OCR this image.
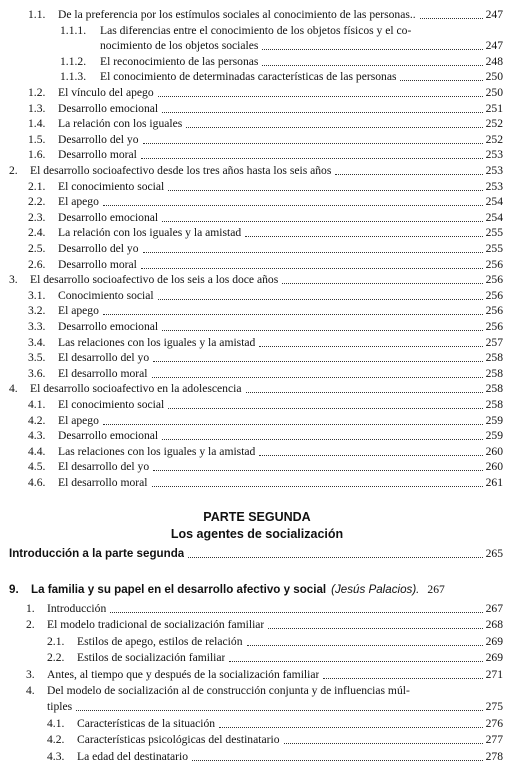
1.1.	De la preferencia por los estímulos sociales al conocimiento de las personas..	247
1.1.1.	Las diferencias entre el conocimiento de los objetos físicos y el co-
nocimiento de los objetos sociales	247
1.1.2.	El reconocimiento de las personas	248
1.1.3.	El conocimiento de determinadas características de las personas	250
1.2.	El vínculo del apego	250
1.3.	Desarrollo emocional	251
1.4.	La relación con los iguales	252
1.5.	Desarrollo del yo	252
1.6.	Desarrollo moral	253
2.	El desarrollo socioafectivo desde los tres años hasta los seis años	253
2.1.	El conocimiento social	253
2.2.	El apego	254
2.3.	Desarrollo emocional	254
2.4.	La relación con los iguales y la amistad	255
2.5.	Desarrollo del yo	255
2.6.	Desarrollo moral	256
3.	El desarrollo socioafectivo de los seis a los doce años	256
3.1.	Conocimiento social	256
3.2.	El apego	256
3.3.	Desarrollo emocional	256
3.4.	Las relaciones con los iguales y la amistad	257
3.5.	El desarrollo del yo	258
3.6.	El desarrollo moral	258
4.	El desarrollo socioafectivo en la adolescencia	258
4.1.	El conocimiento social	258
4.2.	El apego	259
4.3.	Desarrollo emocional	259
4.4.	Las relaciones con los iguales y la amistad	260
4.5.	El desarrollo del yo	260
4.6.	El desarrollo moral	261
PARTE SEGUNDA
Los agentes de socialización
Introducción a la parte segunda	265
9.	La familia y su papel en el desarrollo afectivo y social (Jesús Palacios). 267
1.	Introducción	267
2.	El modelo tradicional de socialización familiar	268
2.1.	Estilos de apego, estilos de relación	269
2.2.	Estilos de socialización familiar	269
3.	Antes, al tiempo que y después de la socialización familiar	271
4.	Del modelo de socialización al de construcción conjunta y de influencias múl-
tiples	275
4.1.	Características de la situación	276
4.2.	Características psicológicas del destinatario	277
4.3.	La edad del destinatario	278
